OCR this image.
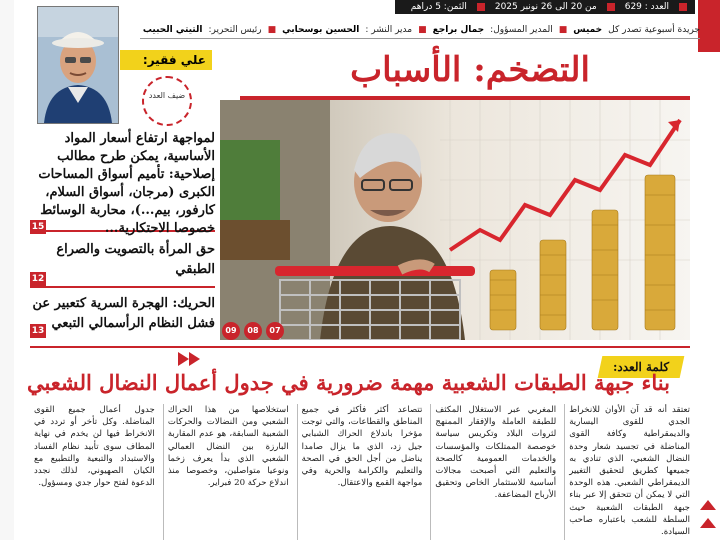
العدد : 629
من 20 الى 26 نونبر 2025
الثمن: 5 دراهم
جريدة أسبوعية تصدر كل
خميس
■
المدير المسؤول:
جمال براجع
■
مدير النشر :
الحسين بوسحابي
■
رئيس التحرير:
التيتي الحبيب
التضخم: الأسباب
علي فقير:
ضيف العدد
لمواجهة ارتفاع أسعار المواد الأساسية، يمكن طرح مطالب إصلاحية: تأميم أسواق المساحات الكبرى (مرجان، أسواق السلام، كارفور، بيم...)، محاربة الوسائط خصوصا الاحتكارية...
15
حق المرأة بالتصويت والصراع الطبقي
12
الحريك: الهجرة السرية كتعبير عن فشل النظام الرأسمالي التبعي
13	09	08	07
كلمة العدد:
بناء جبهة الطبقات الشعبية مهمة ضرورية في جدول أعمال النضال الشعبي
تعتقد أنه قد آن الأوان للانخراط الجدي للقوى اليسارية والديمقراطية وكافة القوى المناضلة في تجسيد شعار وحدة النضال الشعبي، الذي تنادي به جميعها كطريق لتحقيق التغيير الديمقراطي الشعبي. هذه الوحدة التي لا يمكن أن تتحقق إلا عبر بناء جبهة الطبقات الشعبية حيث السلطة للشعب باعتباره صاحب السيادة.
المغربي عبر الاستغلال المكثف للطبقة العاملة والإفقار الممنهج لثروات البلاد وتكريس سياسة خوصصة الممتلكات والمؤسسات والخدمات العمومية كالصحة والتعليم التي أصبحت مجالات أساسية للاستثمار الخاص وتحقيق الأرباح المضاعفة.
تتصاعد أكثر فأكثر في جميع المناطق والقطاعات، والتي توجت مؤخرا باندلاع الحراك الشبابي جيل زد، الذي ما يزال صامدا يناضل من أجل الحق في الصحة والتعليم والكرامة والحرية وفي مواجهة القمع والاعتقال.
استخلاصها من هذا الحراك الشعبي ومن النضالات والحركات الشعبية السابقة، هو عدم المقاربة البارزة بين النضال العمالي الشعبي الذي بدأ يعرف زخما ونوعيا متواصلين، وخصوصا منذ اندلاع حركة 20 فبراير.
جدول أعمال جميع القوى المناضلة. وكل تأخر أو تردد في الانخراط فيها لن يخدم في نهاية المطاف سوى تأبيد نظام الفساد والاستبداد والتبعية والتطبيع مع الكيان الصهيوني، لذلك نجدد الدعوة لفتح حوار جدي ومسؤول.
